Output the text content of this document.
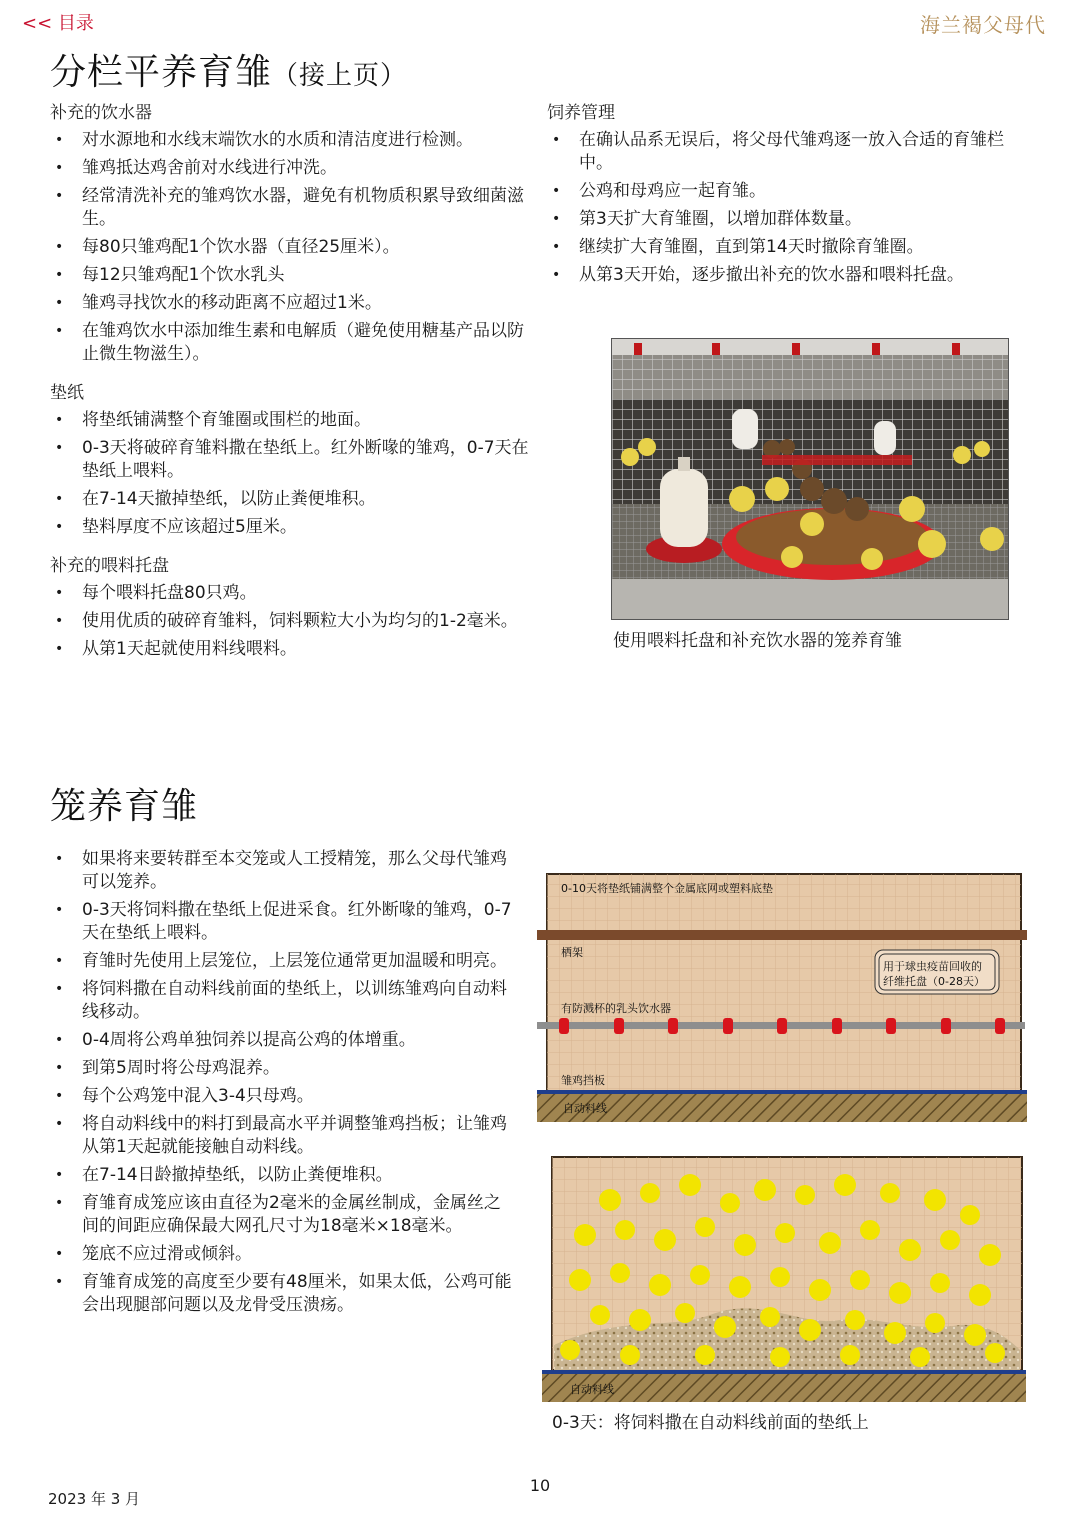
<< 目录	海兰褐父母代
分栏平养育雏（接上页）
补充的饮水器
• 对水源地和水线末端饮水的水质和清洁度进行检测。
• 雏鸡抵达鸡舍前对水线进行冲洗。
• 经常清洗补充的雏鸡饮水器，避免有机物质积累导致细菌滋生。
• 每80只雏鸡配1个饮水器（直径25厘米）。
• 每12只雏鸡配1个饮水乳头
• 雏鸡寻找饮水的移动距离不应超过1米。
• 在雏鸡饮水中添加维生素和电解质（避免使用糖基产品以防止微生物滋生）。
垫纸
• 将垫纸铺满整个育雏圈或围栏的地面。
• 0-3天将破碎育雏料撒在垫纸上。红外断喙的雏鸡，0-7天在垫纸上喂料。
• 在7-14天撤掉垫纸，以防止粪便堆积。
• 垫料厚度不应该超过5厘米。
补充的喂料托盘
• 每个喂料托盘80只鸡。
• 使用优质的破碎育雏料，饲料颗粒大小为均匀的1-2毫米。
• 从第1天起就使用料线喂料。
饲养管理
• 在确认品系无误后，将父母代雏鸡逐一放入合适的育雏栏中。
• 公鸡和母鸡应一起育雏。
• 第3天扩大育雏圈，以增加群体数量。
• 继续扩大育雏圈，直到第14天时撤除育雏圈。
• 从第3天开始，逐步撤出补充的饮水器和喂料托盘。
使用喂料托盘和补充饮水器的笼养育雏
笼养育雏
• 如果将来要转群至本交笼或人工授精笼，那么父母代雏鸡可以笼养。
• 0-3天将饲料撒在垫纸上促进采食。红外断喙的雏鸡，0-7天在垫纸上喂料。
• 育雏时先使用上层笼位，上层笼位通常更加温暖和明亮。
• 将饲料撒在自动料线前面的垫纸上，以训练雏鸡向自动料线移动。
• 0-4周将公鸡单独饲养以提高公鸡的体增重。
• 到第5周时将公母鸡混养。
• 每个公鸡笼中混入3-4只母鸡。
• 将自动料线中的料打到最高水平并调整雏鸡挡板；让雏鸡从第1天起就能接触自动料线。
• 在7-14日龄撤掉垫纸，以防止粪便堆积。
• 育雏育成笼应该由直径为2毫米的金属丝制成，金属丝之间的间距应确保最大网孔尺寸为18毫米×18毫米。
• 笼底不应过滑或倾斜。
• 育雏育成笼的高度至少要有48厘米，如果太低，公鸡可能会出现腿部问题以及龙骨受压溃疡。
0-10天将垫纸铺满整个金属底网或塑料底垫
栖架
用于球虫疫苗回收的
纤维托盘（0-28天）
有防溅杯的乳头饮水器
雏鸡挡板
自动料线
自动料线
0-3天：将饲料撒在自动料线前面的垫纸上
10
2023 年 3 月
